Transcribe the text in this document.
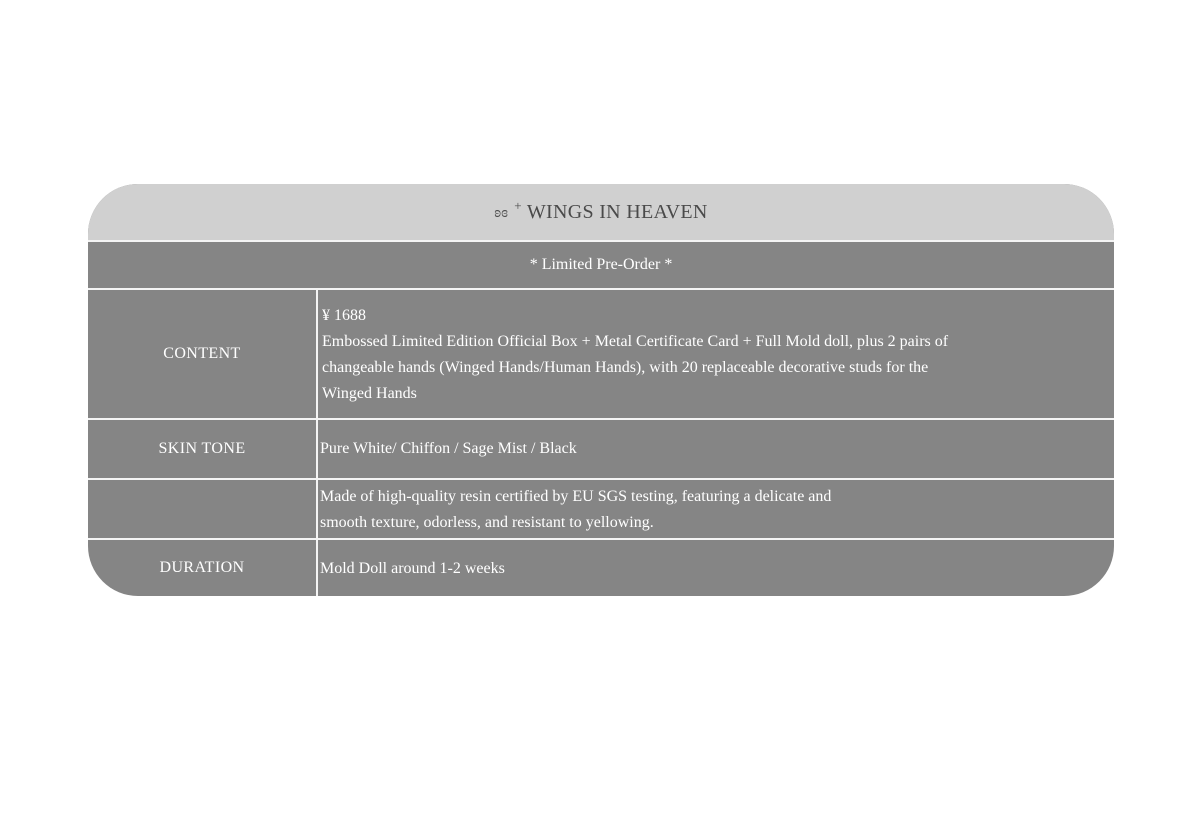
ʚɞ + WINGS IN HEAVEN
* Limited Pre-Order *
CONTENT

¥ 1688

Embossed Limited Edition Official Box + Metal Certificate Card + Full Mold doll, plus 2 pairs of

changeable hands (Winged Hands/Human Hands), with 20 replaceable decorative studs for the

Winged Hands

SKIN TONE	Pure White/ Chiffon / Sage Mist / Black

Made of high-quality resin certified by EU SGS testing, featuring a delicate and

smooth texture, odorless, and resistant to yellowing.

DURATION	Mold Doll around 1-2 weeks
